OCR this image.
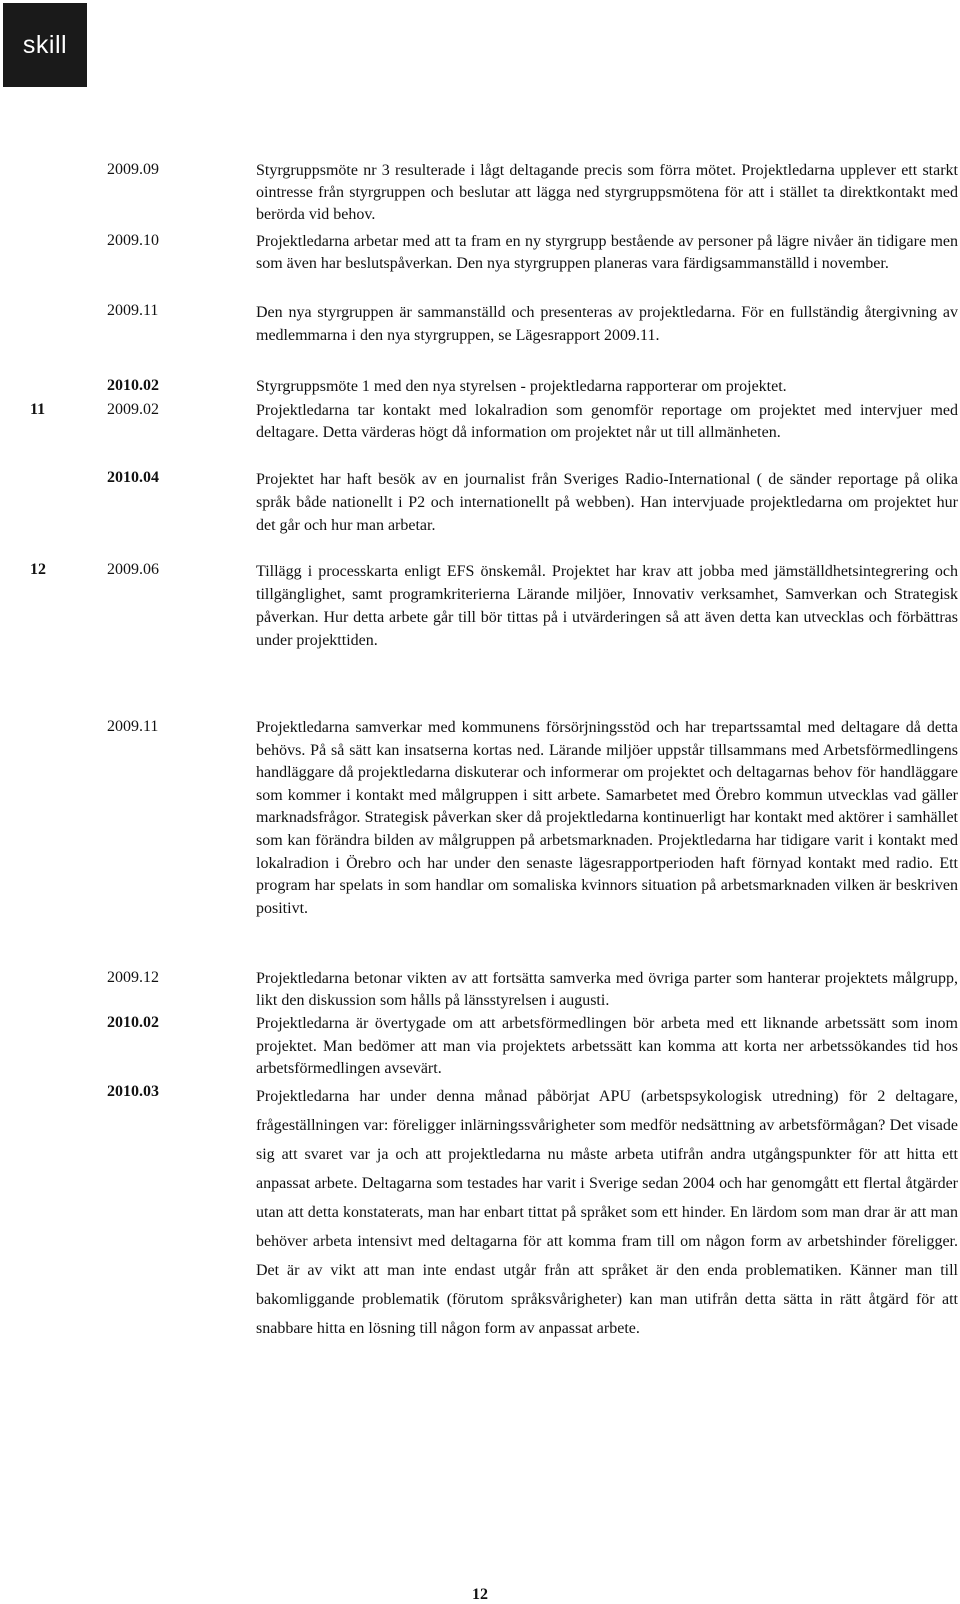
skill
2009.09	Styrgruppsmöte nr 3 resulterade i lågt deltagande precis som förra mötet. Projektledarna upplever ett starkt ointresse från styrgruppen och beslutar att lägga ned styrgruppsmötena för att i stället ta direktkontakt med berörda vid behov.

2009.10	Projektledarna arbetar med att ta fram en ny styrgrupp bestående av personer på lägre nivåer än tidigare men som även har beslutspåverkan. Den nya styrgruppen planeras vara färdigsammanställd i november.

2009.11	Den nya styrgruppen är sammanställd och presenteras av projektledarna. För en fullständig återgivning av medlemmarna i den nya styrgruppen, se Lägesrapport 2009.11.

2010.02	Styrgruppsmöte 1 med den nya styrelsen - projektledarna rapporterar om projektet.

11	2009.02	Projektledarna tar kontakt med lokalradion som genomför reportage om projektet med intervjuer med deltagare. Detta värderas högt då information om projektet når ut till allmänheten.

2010.04	Projektet har haft besök av en journalist från Sveriges Radio-International ( de sänder reportage på olika språk både nationellt i P2 och internationellt på webben). Han intervjuade projektledarna om projektet hur det går och hur man arbetar.

12	2009.06	Tillägg i processkarta enligt EFS önskemål. Projektet har krav att jobba med jämställdhetsintegrering och tillgänglighet, samt programkriterierna Lärande miljöer, Innovativ verksamhet, Samverkan och Strategisk påverkan. Hur detta arbete går till bör tittas på i utvärderingen så att även detta kan utvecklas och förbättras under projekttiden.

2009.11	Projektledarna samverkar med kommunens försörjningsstöd och har trepartssamtal med deltagare då detta behövs. På så sätt kan insatserna kortas ned. Lärande miljöer uppstår tillsammans med Arbetsförmedlingens handläggare då projektledarna diskuterar och informerar om projektet och deltagarnas behov för handläggare som kommer i kontakt med målgruppen i sitt arbete. Samarbetet med Örebro kommun utvecklas vad gäller marknadsfrågor. Strategisk påverkan sker då projektledarna kontinuerligt har kontakt med aktörer i samhället som kan förändra bilden av målgruppen på arbetsmarknaden. Projektledarna har tidigare varit i kontakt med lokalradion i Örebro och har under den senaste lägesrapportperioden haft förnyad kontakt med radio. Ett program har spelats in som handlar om somaliska kvinnors situation på arbetsmarknaden vilken är beskriven positivt.

2009.12	Projektledarna betonar vikten av att fortsätta samverka med övriga parter som hanterar projektets målgrupp, likt den diskussion som hålls på länsstyrelsen i augusti.

2010.02	Projektledarna är övertygade om att arbetsförmedlingen bör arbeta med ett liknande arbetssätt som inom projektet. Man bedömer att man via projektets arbetssätt kan komma att korta ner arbetssökandes tid hos arbetsförmedlingen avsevärt.

2010.03	Projektledarna har under denna månad påbörjat APU (arbetspsykologisk utredning) för 2 deltagare, frågeställningen var: föreligger inlärningssvårigheter som medför nedsättning av arbetsförmågan? Det visade sig att svaret var ja och att projektledarna nu måste arbeta utifrån andra utgångspunkter för att hitta ett anpassat arbete. Deltagarna som testades har varit i Sverige sedan 2004 och har genomgått ett flertal åtgärder utan att detta konstaterats, man har enbart tittat på språket som ett hinder. En lärdom som man drar är att man behöver arbeta intensivt med deltagarna för att komma fram till om någon form av arbetshinder föreligger. Det är av vikt att man inte endast utgår från att språket är den enda problematiken. Känner man till bakomliggande problematik (förutom språksvårigheter) kan man utifrån detta sätta in rätt åtgärd för att snabbare hitta en lösning till någon form av anpassat arbete.

12
